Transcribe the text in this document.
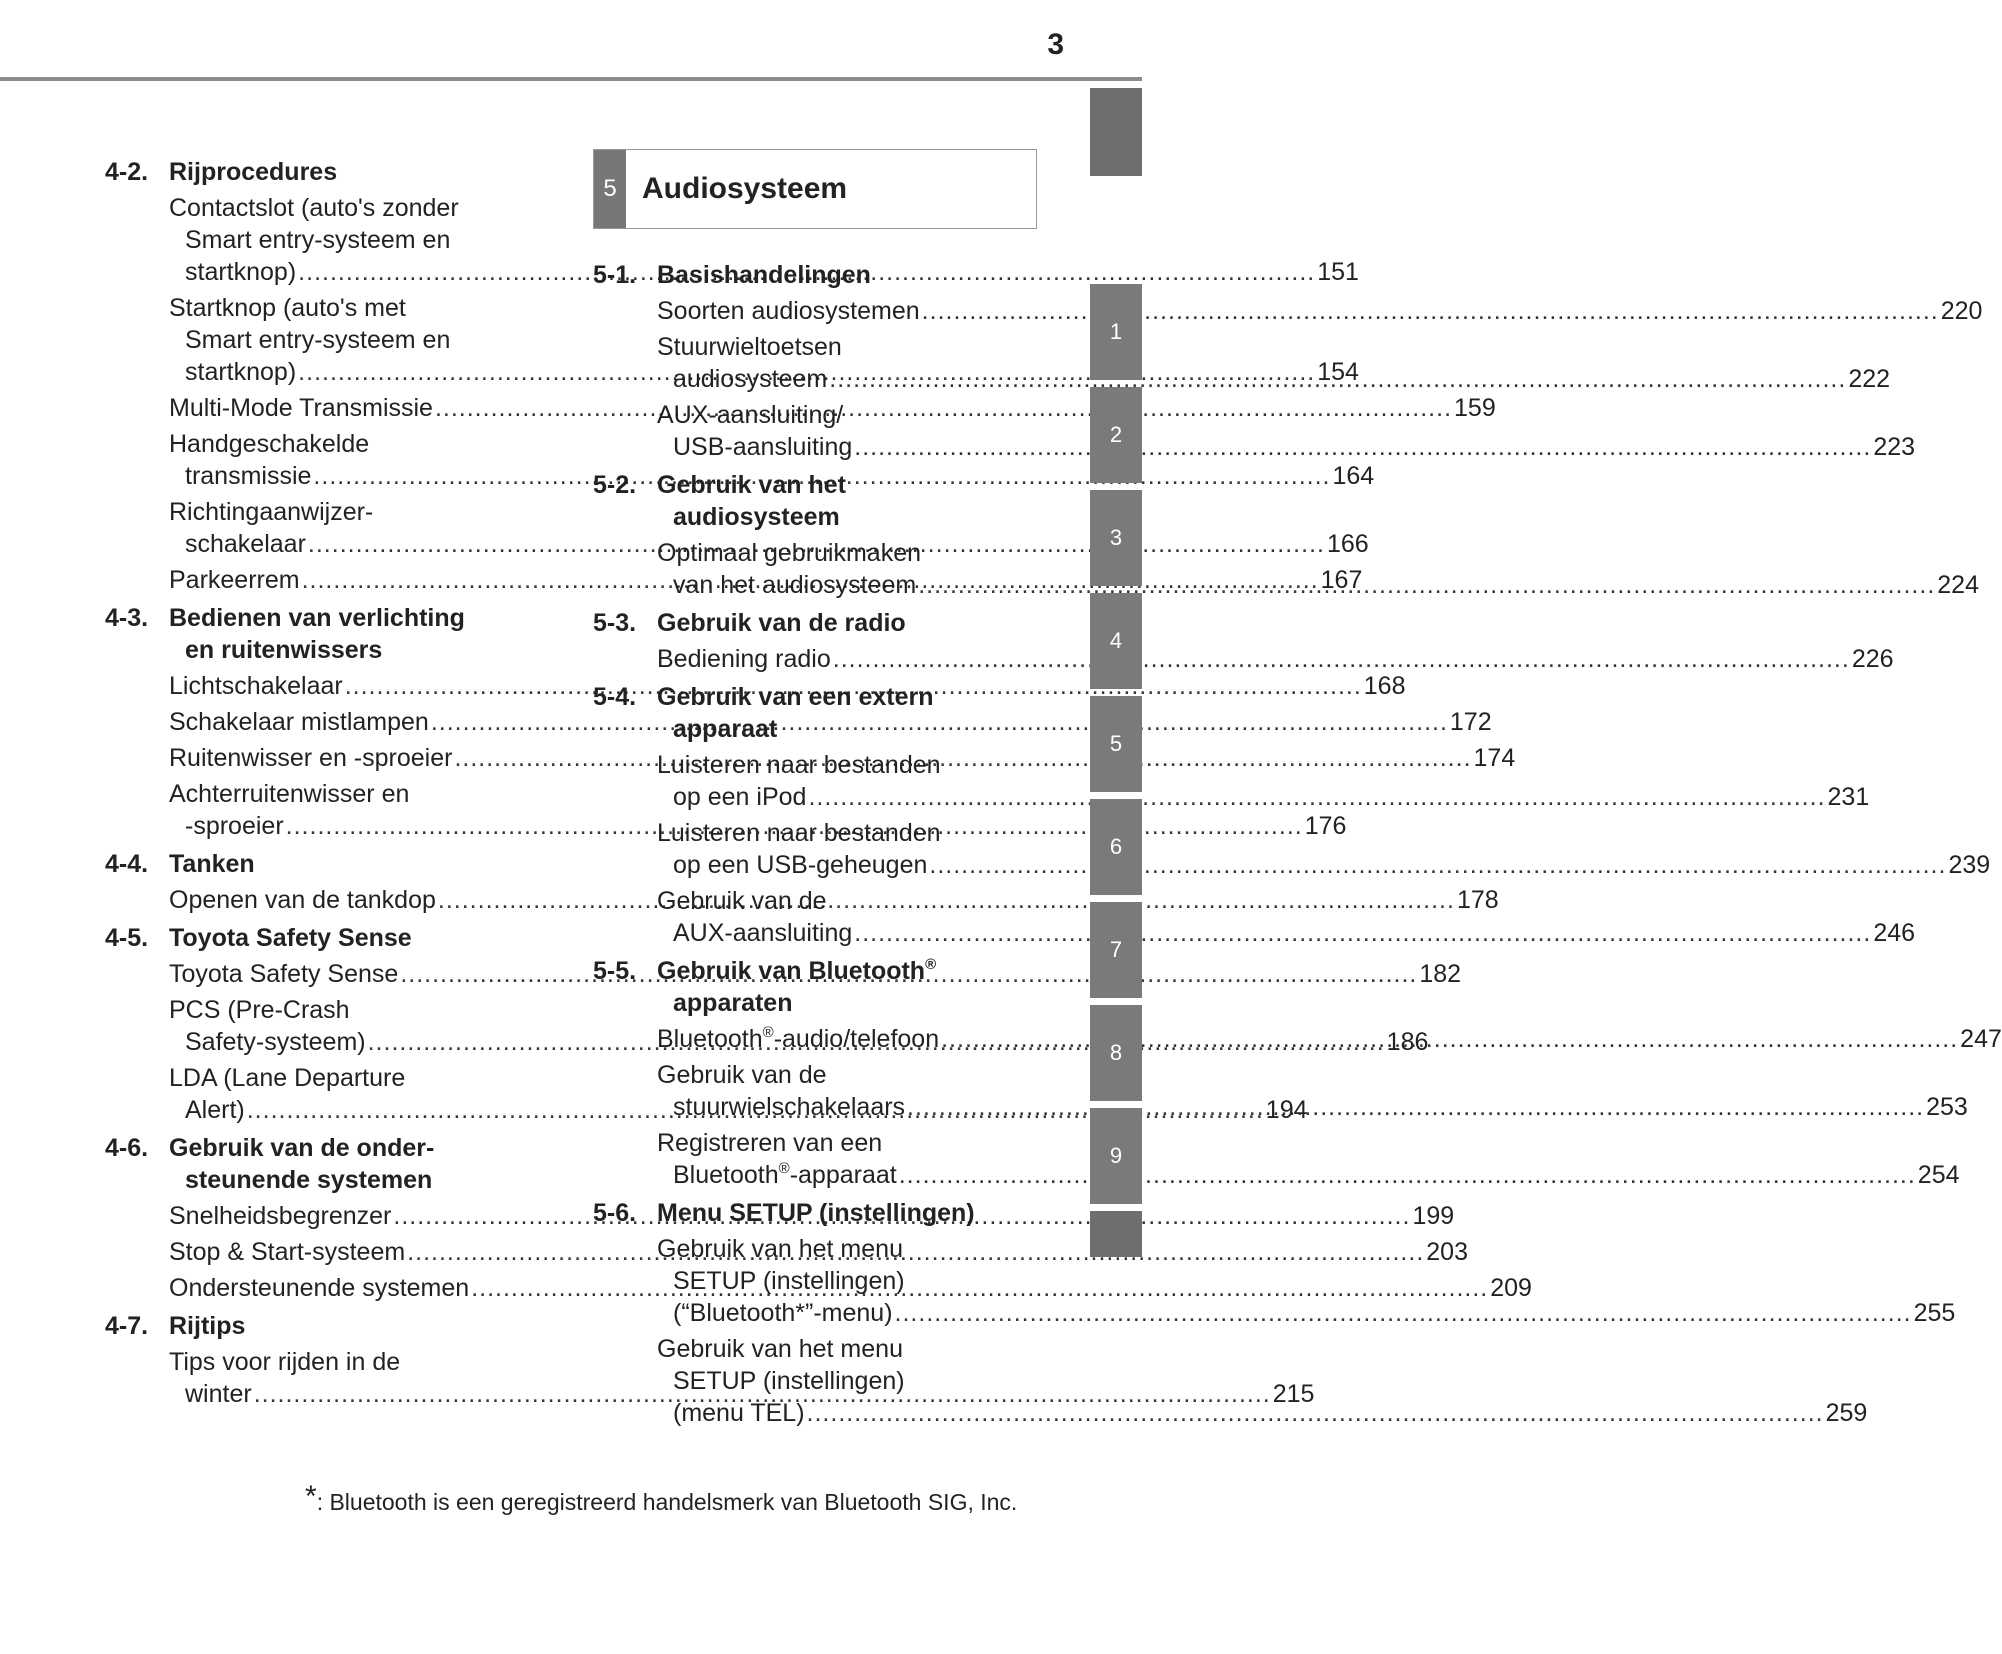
3
4-2. Rijprocedures
Contactslot (auto's zonder
Smart entry-systeem en
startknop) .....	151
Startknop (auto's met
Smart entry-systeem en
startknop) .....	154
Multi-Mode Transmissie .....	159
Handgeschakelde
transmissie .....	164
Richtingaanwijzer-
schakelaar .....	166
Parkeerrem .....	167
4-3. Bedienen van verlichting
en ruitenwissers
Lichtschakelaar .....	168
Schakelaar mistlampen .....	172
Ruitenwisser en -sproeier .....	174
Achterruitenwisser en
-sproeier .....	176
4-4. Tanken
Openen van de tankdop .....	178
4-5. Toyota Safety Sense
Toyota Safety Sense .....	182
PCS (Pre-Crash
Safety-systeem) .....	186
LDA (Lane Departure
Alert) .....	194
4-6. Gebruik van de onder-
steunende systemen
Snelheidsbegrenzer .....	199
Stop & Start-systeem .....	203
Ondersteunende systemen .....	209
4-7. Rijtips
Tips voor rijden in de
winter .....	215
5 Audiosysteem
5-1. Basishandelingen
Soorten audiosystemen .....	220
Stuurwieltoetsen
audiosysteem .....	222
AUX-aansluiting/
USB-aansluiting .....	223
5-2. Gebruik van het
audiosysteem
Optimaal gebruikmaken
van het audiosysteem .....	224
5-3. Gebruik van de radio
Bediening radio .....	226
5-4. Gebruik van een extern
apparaat
Luisteren naar bestanden
op een iPod .....	231
Luisteren naar bestanden
op een USB-geheugen .....	239
Gebruik van de
AUX-aansluiting .....	246
5-5. Gebruik van Bluetooth®
apparaten
Bluetooth®-audio/telefoon .....	247
Gebruik van de
stuurwielschakelaars .....	253
Registreren van een
Bluetooth®-apparaat .....	254
5-6. Menu SETUP (instellingen)
Gebruik van het menu
SETUP (instellingen)
(“Bluetooth*”-menu) .....	255
Gebruik van het menu
SETUP (instellingen)
(menu TEL) .....	259
1
2
3
4
5
6
7
8
9
*: Bluetooth is een geregistreerd handelsmerk van Bluetooth SIG, Inc.
